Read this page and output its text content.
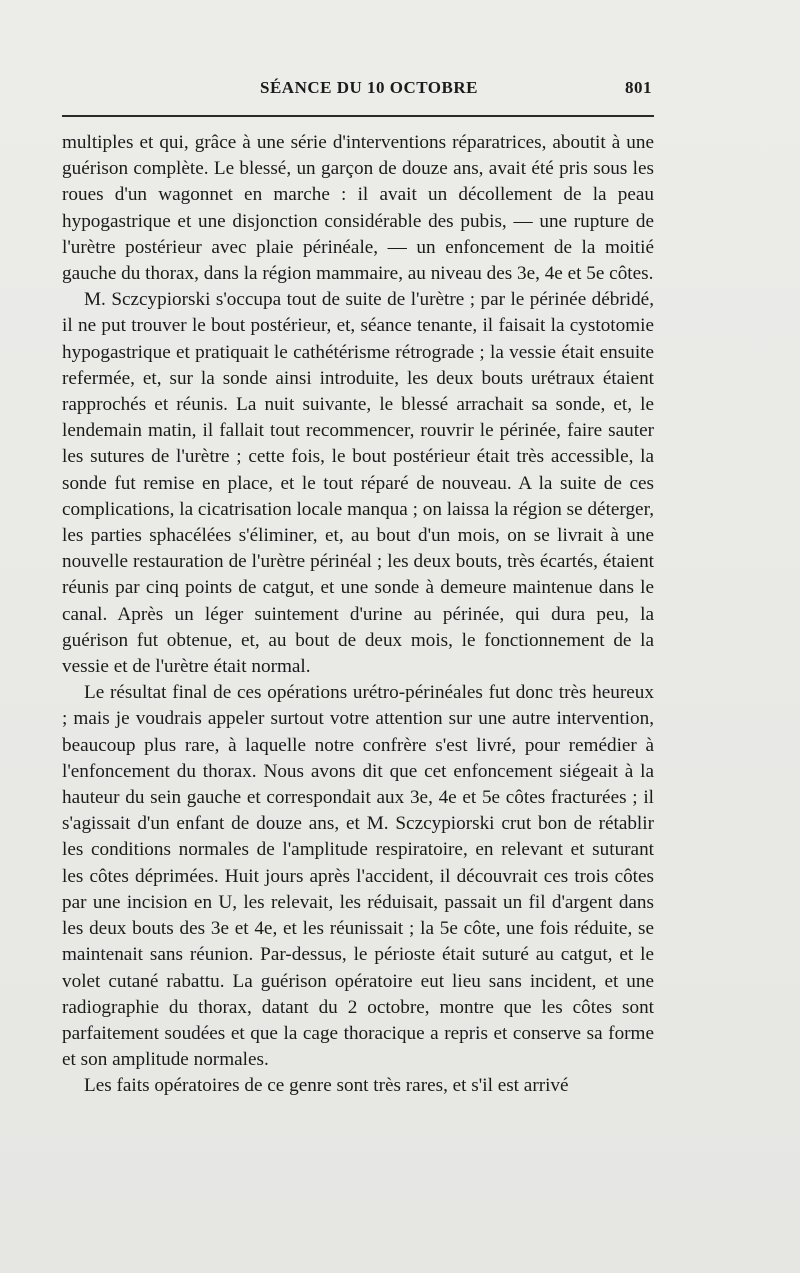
SÉANCE DU 10 OCTOBRE	801

multiples et qui, grâce à une série d'interventions réparatrices, aboutit à une guérison complète. Le blessé, un garçon de douze ans, avait été pris sous les roues d'un wagonnet en marche : il avait un décollement de la peau hypogastrique et une disjonction considérable des pubis, — une rupture de l'urètre postérieur avec plaie périnéale, — un enfoncement de la moitié gauche du thorax, dans la région mammaire, au niveau des 3e, 4e et 5e côtes.

M. Sczcypiorski s'occupa tout de suite de l'urètre ; par le périnée débridé, il ne put trouver le bout postérieur, et, séance tenante, il faisait la cystotomie hypogastrique et pratiquait le cathétérisme rétrograde ; la vessie était ensuite refermée, et, sur la sonde ainsi introduite, les deux bouts urétraux étaient rapprochés et réunis. La nuit suivante, le blessé arrachait sa sonde, et, le lendemain matin, il fallait tout recommencer, rouvrir le périnée, faire sauter les sutures de l'urètre ; cette fois, le bout postérieur était très accessible, la sonde fut remise en place, et le tout réparé de nouveau. A la suite de ces complications, la cicatrisation locale manqua ; on laissa la région se déterger, les parties sphacélées s'éliminer, et, au bout d'un mois, on se livrait à une nouvelle restauration de l'urètre périnéal ; les deux bouts, très écartés, étaient réunis par cinq points de catgut, et une sonde à demeure maintenue dans le canal. Après un léger suintement d'urine au périnée, qui dura peu, la guérison fut obtenue, et, au bout de deux mois, le fonctionnement de la vessie et de l'urètre était normal.

Le résultat final de ces opérations urétro-périnéales fut donc très heureux ; mais je voudrais appeler surtout votre attention sur une autre intervention, beaucoup plus rare, à laquelle notre confrère s'est livré, pour remédier à l'enfoncement du thorax. Nous avons dit que cet enfoncement siégeait à la hauteur du sein gauche et correspondait aux 3e, 4e et 5e côtes fracturées ; il s'agissait d'un enfant de douze ans, et M. Sczcypiorski crut bon de rétablir les conditions normales de l'amplitude respiratoire, en relevant et suturant les côtes déprimées. Huit jours après l'accident, il découvrait ces trois côtes par une incision en U, les relevait, les réduisait, passait un fil d'argent dans les deux bouts des 3e et 4e, et les réunissait ; la 5e côte, une fois réduite, se maintenait sans réunion. Par-dessus, le périoste était suturé au catgut, et le volet cutané rabattu. La guérison opératoire eut lieu sans incident, et une radiographie du thorax, datant du 2 octobre, montre que les côtes sont parfaitement soudées et que la cage thoracique a repris et conserve sa forme et son amplitude normales.

Les faits opératoires de ce genre sont très rares, et s'il est arrivé
